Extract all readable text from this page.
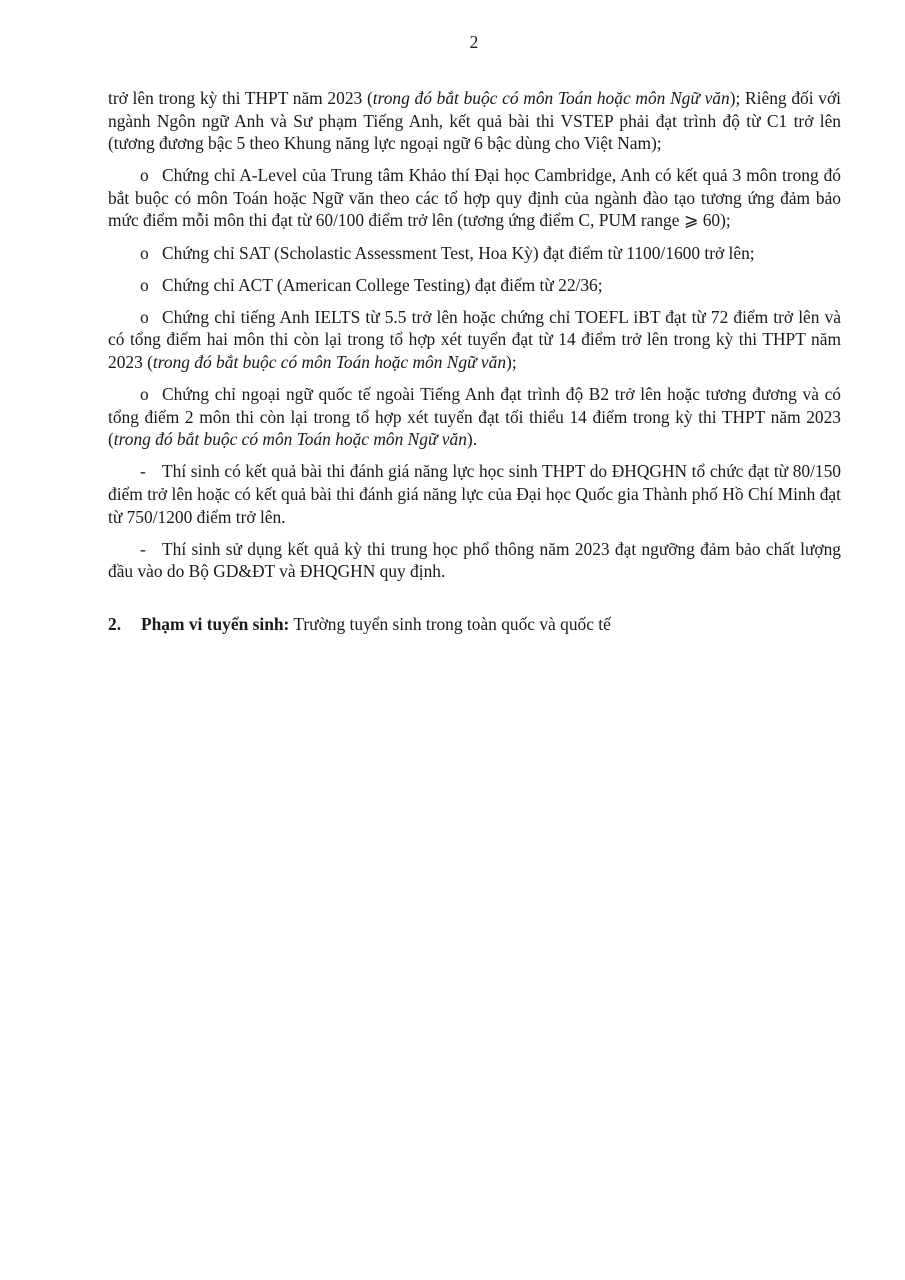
2

trở lên trong kỳ thi THPT năm 2023 (trong đó bắt buộc có môn Toán hoặc môn Ngữ văn); Riêng đối với ngành Ngôn ngữ Anh và Sư phạm Tiếng Anh, kết quả bài thi VSTEP phải đạt trình độ từ C1 trở lên (tương đương bậc 5 theo Khung năng lực ngoại ngữ 6 bậc dùng cho Việt Nam);

o Chứng chỉ A-Level của Trung tâm Khảo thí Đại học Cambridge, Anh có kết quả 3 môn trong đó bắt buộc có môn Toán hoặc Ngữ văn theo các tổ hợp quy định của ngành đào tạo tương ứng đảm bảo mức điểm mỗi môn thi đạt từ 60/100 điểm trở lên (tương ứng điểm C, PUM range ⩾ 60);

o Chứng chỉ SAT (Scholastic Assessment Test, Hoa Kỳ) đạt điểm từ 1100/1600 trở lên;

o Chứng chỉ ACT (American College Testing) đạt điểm từ 22/36;

o Chứng chỉ tiếng Anh IELTS từ 5.5 trở lên hoặc chứng chỉ TOEFL iBT đạt từ 72 điểm trở lên và có tổng điểm hai môn thi còn lại trong tổ hợp xét tuyển đạt từ 14 điểm trở lên trong kỳ thi THPT năm 2023 (trong đó bắt buộc có môn Toán hoặc môn Ngữ văn);

o Chứng chỉ ngoại ngữ quốc tế ngoài Tiếng Anh đạt trình độ B2 trở lên hoặc tương đương và có tổng điểm 2 môn thi còn lại trong tổ hợp xét tuyển đạt tối thiểu 14 điểm trong kỳ thi THPT năm 2023 (trong đó bắt buộc có môn Toán hoặc môn Ngữ văn).

- Thí sinh có kết quả bài thi đánh giá năng lực học sinh THPT do ĐHQGHN tổ chức đạt từ 80/150 điểm trở lên hoặc có kết quả bài thi đánh giá năng lực của Đại học Quốc gia Thành phố Hồ Chí Minh đạt từ 750/1200 điểm trở lên.

- Thí sinh sử dụng kết quả kỳ thi trung học phổ thông năm 2023 đạt ngưỡng đảm bảo chất lượng đầu vào do Bộ GD&ĐT và ĐHQGHN quy định.

2. Phạm vi tuyển sinh: Trường tuyển sinh trong toàn quốc và quốc tế
